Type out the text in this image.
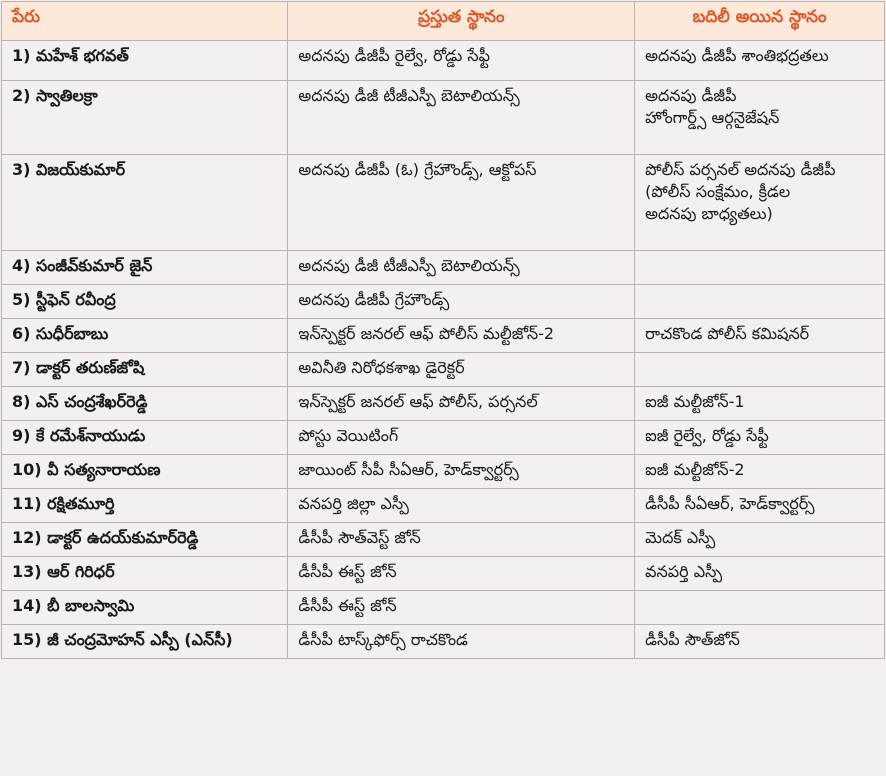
పేరు	ప్రస్తుత స్థానం	బదిలీ అయిన స్థానం
1) మహేశ్‌ భగవత్‌	అదనపు డీజీపీ రైల్వే, రోడ్డు సేఫ్టీ	అదనపు డీజీపీ శాంతిభద్రతలు
2) స్వాతిలక్రా	అదనపు డీజీ టీజీఎస్పీ బెటాలియన్స్‌	అదనపు డీజీపీ
హోంగార్డ్స్‌ ఆర్గనైజేషన్‌
3) విజయ్‌కుమార్‌	అదనపు డీజీపీ (ఓ) గ్రేహౌండ్స్‌, ఆక్టోపస్‌	పోలీస్‌ పర్సనల్‌ అదనపు డీజీపీ
(పోలీస్‌ సంక్షేమం, క్రీడల
అదనపు బాధ్యతలు)
4) సంజీవ్‌కుమార్‌ జైన్‌	అదనపు డీజీ టీజీఎస్పీ బెటాలియన్స్‌	
5) స్టీఫెన్‌ రవీంద్ర	అదనపు డీజీపీ గ్రేహౌండ్స్‌	
6) సుధీర్‌బాబు	ఇన్‌స్పెక్టర్‌ జనరల్‌ ఆఫ్‌ పోలీస్‌ మల్టీజోన్‌-2	రాచకొండ పోలీస్‌ కమిషనర్‌
7) డాక్టర్‌ తరుణ్‌జోషి	అవినీతి నిరోధకశాఖ డైరెక్టర్‌	
8) ఎస్‌ చంద్రశేఖర్‌రెడ్డి	ఇన్‌స్పెక్టర్‌ జనరల్‌ ఆఫ్‌ పోలీస్‌, పర్సనల్‌	ఐజీ మల్టీజోన్‌-1
9) కే రమేశ్‌నాయుడు	పోస్టు వెయిటింగ్‌	ఐజీ రైల్వే, రోడ్డు సేఫ్టీ
10) వీ సత్యనారాయణ	జాయింట్‌ సీపీ సీఏఆర్‌, హెడ్‌క్వార్టర్స్‌	ఐజీ మల్టీజోన్‌-2
11) రక్షితమూర్తి	వనపర్తి జిల్లా ఎస్పీ	డీసీపీ సీఏఆర్‌, హెడ్‌క్వార్టర్స్‌
12) డాక్టర్‌ ఉదయ్‌కుమార్‌రెడ్డి	డీసీపీ సౌత్‌వెస్ట్‌ జోన్‌	మెదక్‌ ఎస్పీ
13) ఆర్‌ గిరిధర్‌	డీసీపీ ఈస్ట్‌ జోన్‌	వనపర్తి ఎస్పీ
14) బీ బాలస్వామి	డీసీపీ ఈస్ట్‌ జోన్‌	
15) జీ చంద్రమోహన్‌ ఎస్పీ (ఎన్‌సీ)	డీసీపీ టాస్క్‌ఫోర్స్‌ రాచకొండ	డీసీపీ సౌత్‌జోన్‌
